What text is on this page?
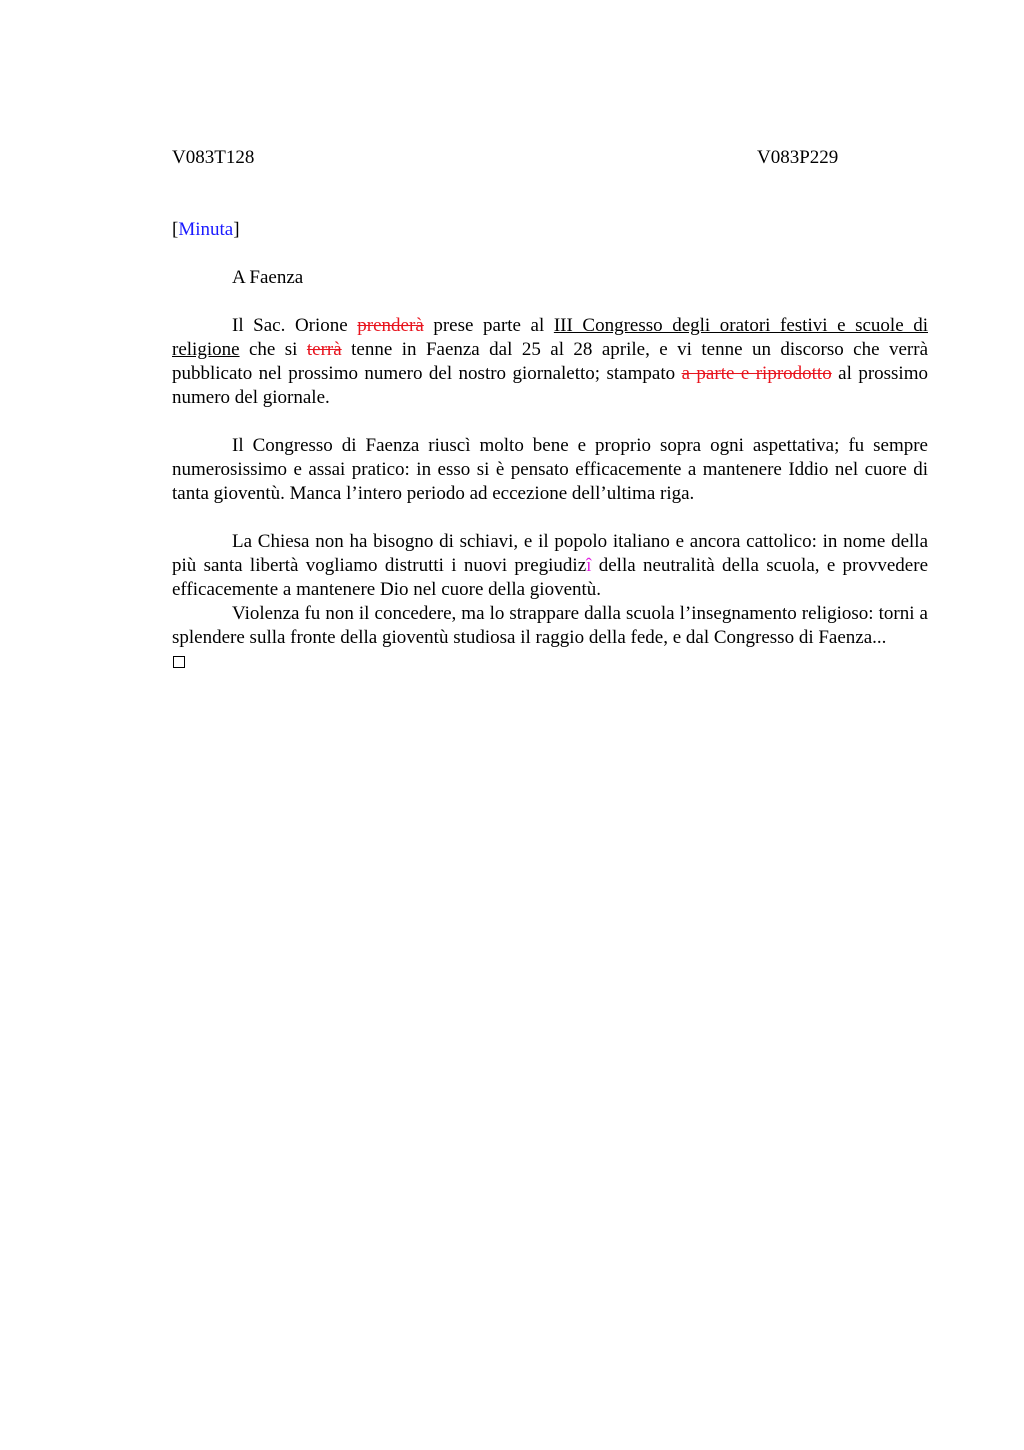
V083T128	V083P229
[Minuta]
A Faenza

Il Sac. Orione prenderà prese parte al III Congresso degli oratori festivi e scuole di religione che si terrà tenne in Faenza dal 25 al 28 aprile, e vi tenne un discorso che verrà pubblicato nel prossimo numero del nostro giornaletto; stampato a parte e riprodotto al prossimo numero del giornale.

Il Congresso di Faenza riuscì molto bene e proprio sopra ogni aspettativa; fu sempre numerosissimo e assai pratico: in esso si è pensato efficacemente a mantenere Iddio nel cuore di tanta gioventù. Manca l’intero periodo ad eccezione dell’ultima riga.

La Chiesa non ha bisogno di schiavi, e il popolo italiano e ancora cattolico: in nome della più santa libertà vogliamo distrutti i nuovi pregiudizî della neutralità della scuola, e provvedere efficacemente a mantenere Dio nel cuore della gioventù.

Violenza fu non il concedere, ma lo strappare dalla scuola l’insegnamento religioso: torni a splendere sulla fronte della gioventù studiosa il raggio della fede, e dal Congresso di Faenza...
